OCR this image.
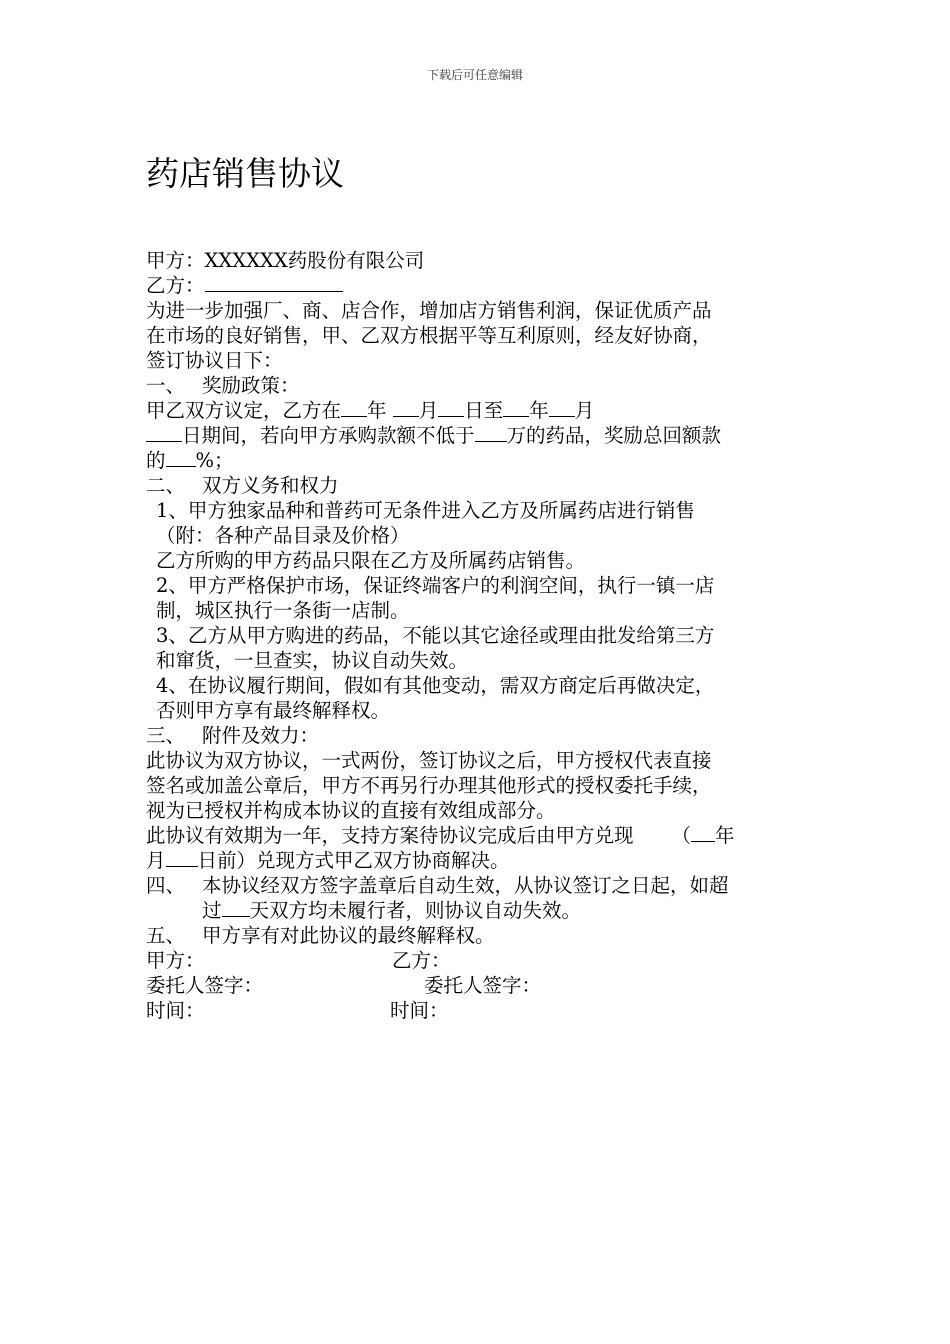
下载后可任意编辑
药店销售协议
甲方：XXXXXX药股份有限公司
乙方：
为进一步加强厂、商、店合作，增加店方销售利润，保证优质产品
在市场的良好销售，甲、乙双方根据平等互利原则，经友好协商，
签订协议日下：
一、 奖励政策：
甲乙双方议定，乙方在 年 月 日至 年 月
日期间，若向甲方承购款额不低于 万的药品，奖励总回额款
的 %；
二、 双方义务和权力
1、甲方独家品种和普药可无条件进入乙方及所属药店进行销售
（附：各种产品目录及价格）
乙方所购的甲方药品只限在乙方及所属药店销售。
2、甲方严格保护市场，保证终端客户的利润空间，执行一镇一店
制，城区执行一条街一店制。
3、乙方从甲方购进的药品，不能以其它途径或理由批发给第三方
和窜货，一旦查实，协议自动失效。
4、在协议履行期间，假如有其他变动，需双方商定后再做决定，
否则甲方享有最终解释权。
三、 附件及效力：
此协议为双方协议，一式两份，签订协议之后，甲方授权代表直接
签名或加盖公章后，甲方不再另行办理其他形式的授权委托手续，
视为已授权并构成本协议的直接有效组成部分。
此协议有效期为一年，支持方案待协议完成后由甲方兑现 （ 年
月 日前）兑现方式甲乙双方协商解决。
四、 本协议经双方签字盖章后自动生效，从协议签订之日起，如超
过 天双方均未履行者，则协议自动失效。
五、 甲方享有对此协议的最终解释权。
甲方：	乙方：
委托人签字：	委托人签字：
时间：	时间：
